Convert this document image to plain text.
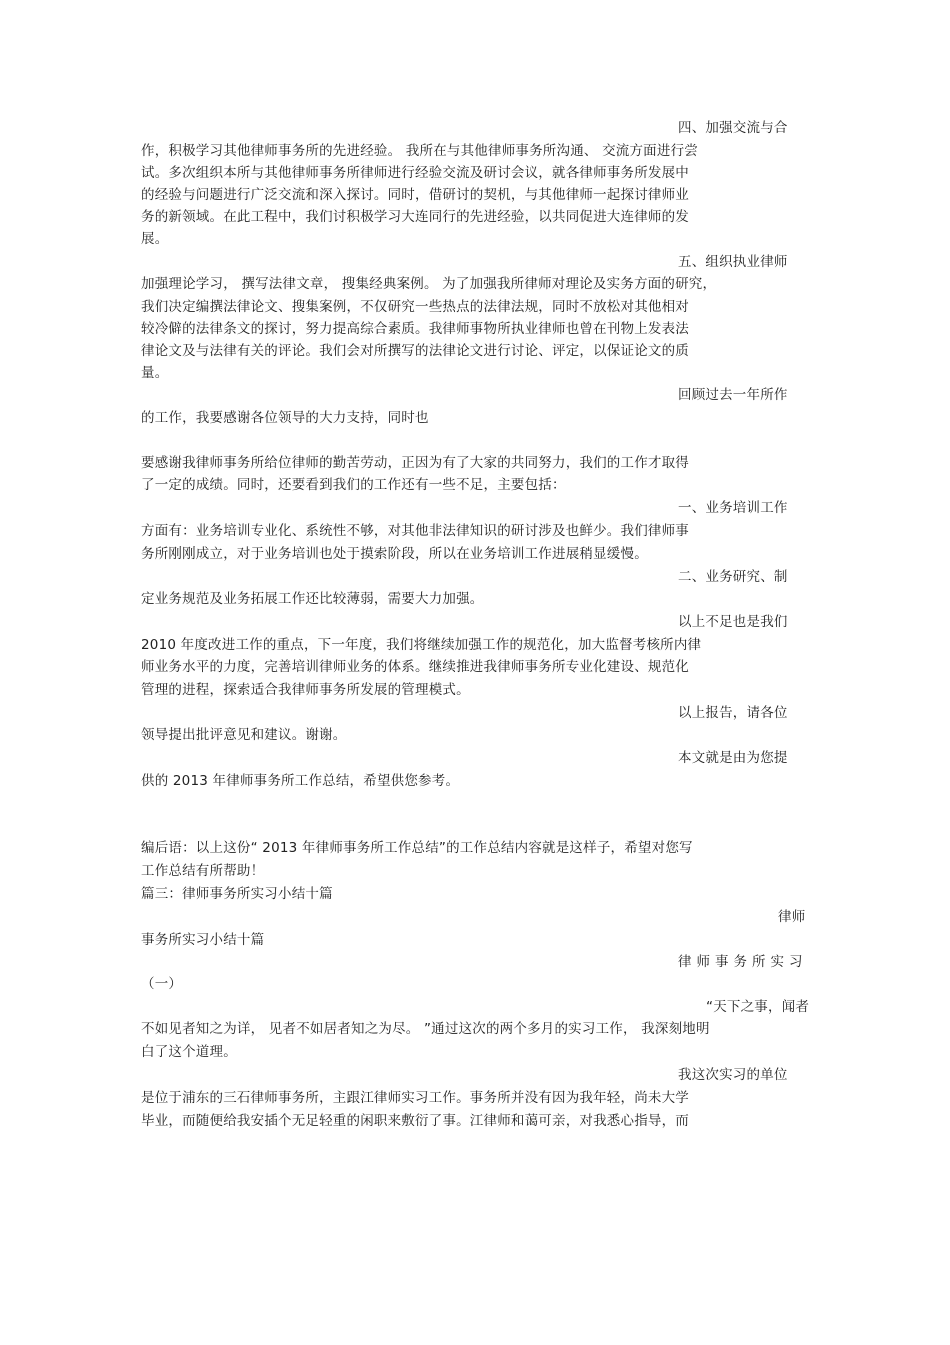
四、加强交流与合
作，积极学习其他律师事务所的先进经验。 我所在与其他律师事务所沟通、 交流方面进行尝
试。多次组织本所与其他律师事务所律师进行经验交流及研讨会议，就各律师事务所发展中
的经验与问题进行广泛交流和深入探讨。同时，借研讨的契机，与其他律师一起探讨律师业
务的新领域。在此工程中，我们讨积极学习大连同行的先进经验，以共同促进大连律师的发
展。
五、组织执业律师
加强理论学习， 撰写法律文章， 搜集经典案例。 为了加强我所律师对理论及实务方面的研究，
我们决定编撰法律论文、搜集案例，不仅研究一些热点的法律法规，同时不放松对其他相对
较冷僻的法律条文的探讨，努力提高综合素质。我律师事物所执业律师也曾在刊物上发表法
律论文及与法律有关的评论。我们会对所撰写的法律论文进行讨论、评定，以保证论文的质
量。
回顾过去一年所作
的工作，我要感谢各位领导的大力支持，同时也
要感谢我律师事务所给位律师的勤苦劳动，正因为有了大家的共同努力，我们的工作才取得
了一定的成绩。同时，还要看到我们的工作还有一些不足，主要包括：
一、业务培训工作
方面有：业务培训专业化、系统性不够，对其他非法律知识的研讨涉及也鲜少。我们律师事
务所刚刚成立，对于业务培训也处于摸索阶段，所以在业务培训工作进展稍显缓慢。
二、业务研究、制
定业务规范及业务拓展工作还比较薄弱，需要大力加强。
以上不足也是我们
2010 年度改进工作的重点，下一年度，我们将继续加强工作的规范化，加大监督考核所内律
师业务水平的力度，完善培训律师业务的体系。继续推进我律师事务所专业化建设、规范化
管理的进程，探索适合我律师事务所发展的管理模式。
以上报告，请各位
领导提出批评意见和建议。谢谢。
本文就是由为您提
供的 2013 年律师事务所工作总结，希望供您参考。
编后语：以上这份“ 2013 年律师事务所工作总结”的工作总结内容就是这样子，希望对您写
工作总结有所帮助！
篇三：律师事务所实习小结十篇
律师
事务所实习小结十篇
律师事务所实习
（一）
“天下之事，闻者
不如见者知之为详， 见者不如居者知之为尽。 ”通过这次的两个多月的实习工作， 我深刻地明
白了这个道理。
我这次实习的单位
是位于浦东的三石律师事务所，主跟江律师实习工作。事务所并没有因为我年轻，尚未大学
毕业，而随便给我安插个无足轻重的闲职来敷衍了事。江律师和蔼可亲，对我悉心指导，而
